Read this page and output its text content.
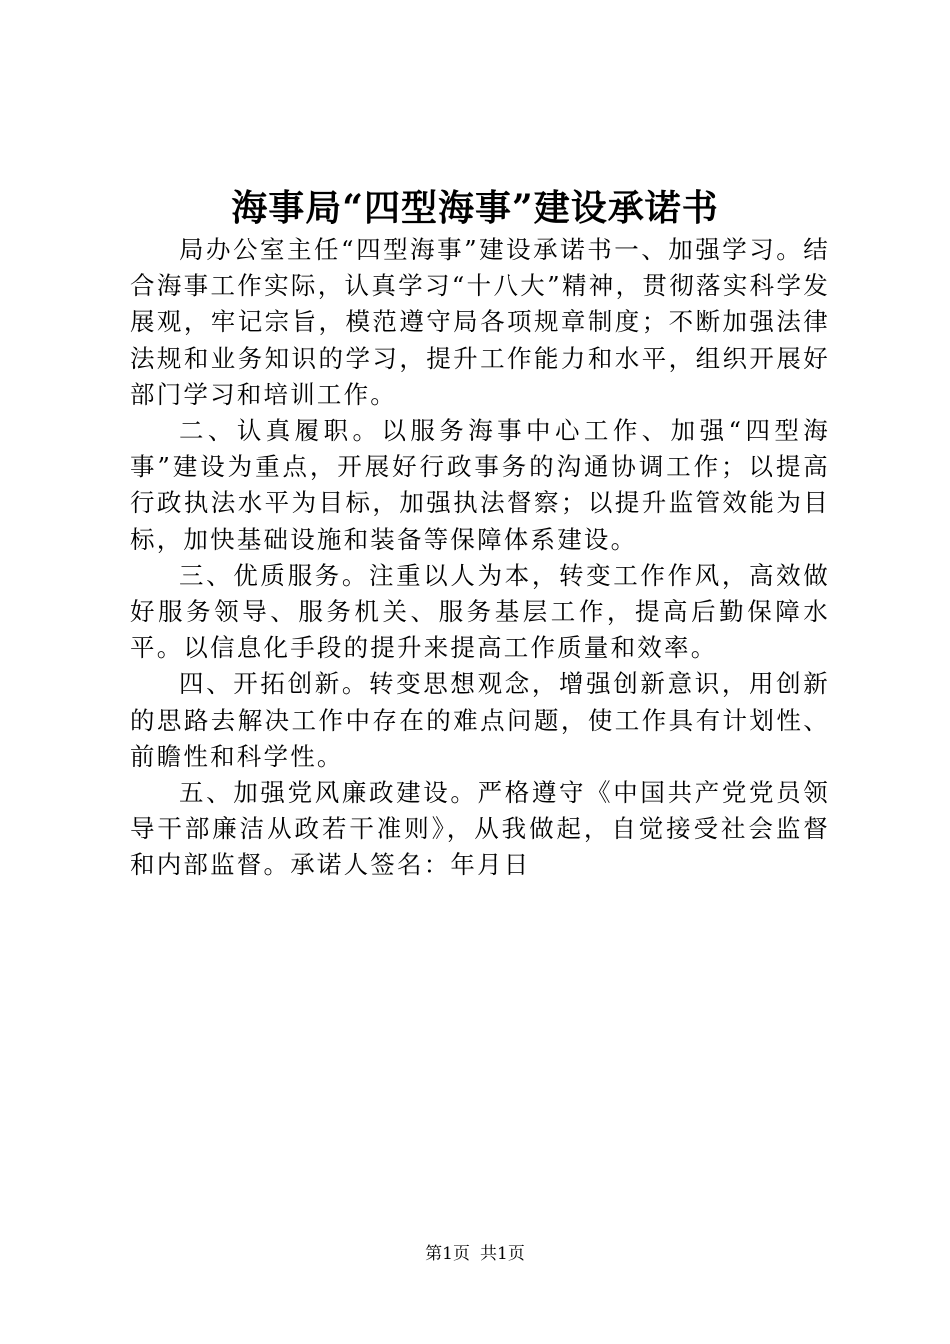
海事局“四型海事”建设承诺书

局办公室主任“四型海事”建设承诺书一、加强学习。结合海事工作实际，认真学习“十八大”精神，贯彻落实科学发展观，牢记宗旨，模范遵守局各项规章制度；不断加强法律法规和业务知识的学习，提升工作能力和水平，组织开展好部门学习和培训工作。

二、认真履职。以服务海事中心工作、加强“四型海事”建设为重点，开展好行政事务的沟通协调工作；以提高行政执法水平为目标，加强执法督察；以提升监管效能为目标，加快基础设施和装备等保障体系建设。

三、优质服务。注重以人为本，转变工作作风，高效做好服务领导、服务机关、服务基层工作，提高后勤保障水平。以信息化手段的提升来提高工作质量和效率。

四、开拓创新。转变思想观念，增强创新意识，用创新的思路去解决工作中存在的难点问题，使工作具有计划性、前瞻性和科学性。

五、加强党风廉政建设。严格遵守《中国共产党党员领导干部廉洁从政若干准则》，从我做起，自觉接受社会监督和内部监督。承诺人签名：年月日

第1页 共1页
